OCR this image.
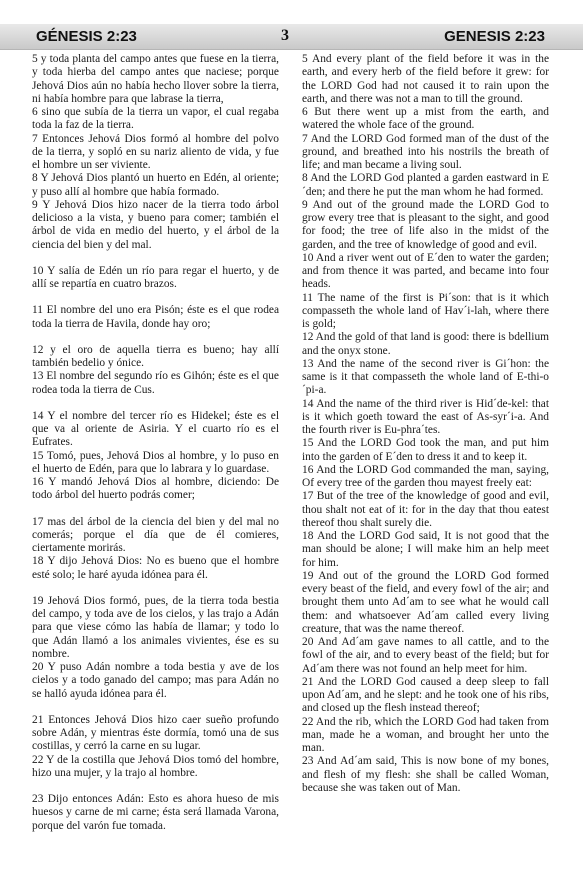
GÉNESIS 2:23	3	GENESIS 2:23

5 y toda planta del campo antes que fuese en la tierra, y toda hierba del campo antes que naciese; porque Jehová Dios aún no había hecho llover sobre la tierra, ni había hombre para que labrase la tierra,

6 sino que subía de la tierra un vapor, el cual regaba toda la faz de la tierra.

7 Entonces Jehová Dios formó al hombre del polvo de la tierra, y sopló en su nariz aliento de vida, y fue el hombre un ser viviente.

8 Y Jehová Dios plantó un huerto en Edén, al oriente; y puso allí al hombre que había formado.

9 Y Jehová Dios hizo nacer de la tierra todo árbol delicioso a la vista, y bueno para comer; también el árbol de vida en medio del huerto, y el árbol de la ciencia del bien y del mal.

10 Y salía de Edén un río para regar el huerto, y de allí se repartía en cuatro brazos.

11 El nombre del uno era Pisón; éste es el que rodea toda la tierra de Havila, donde hay oro;

12 y el oro de aquella tierra es bueno; hay allí también bedelio y ónice.

13 El nombre del segundo río es Gihón; éste es el que rodea toda la tierra de Cus.

14 Y el nombre del tercer río es Hidekel; éste es el que va al oriente de Asiria. Y el cuarto río es el Eufrates.

15 Tomó, pues, Jehová Dios al hombre, y lo puso en el huerto de Edén, para que lo labrara y lo guardase.

16 Y mandó Jehová Dios al hombre, diciendo: De todo árbol del huerto podrás comer;

17 mas del árbol de la ciencia del bien y del mal no comerás; porque el día que de él comieres, ciertamente morirás.

18 Y dijo Jehová Dios: No es bueno que el hombre esté solo; le haré ayuda idónea para él.

19 Jehová Dios formó, pues, de la tierra toda bestia del campo, y toda ave de los cielos, y las trajo a Adán para que viese cómo las había de llamar; y todo lo que Adán llamó a los animales vivientes, ése es su nombre.

20 Y puso Adán nombre a toda bestia y ave de los cielos y a todo ganado del campo; mas para Adán no se halló ayuda idónea para él.

21 Entonces Jehová Dios hizo caer sueño profundo sobre Adán, y mientras éste dormía, tomó una de sus costillas, y cerró la carne en su lugar.

22 Y de la costilla que Jehová Dios tomó del hombre, hizo una mujer, y la trajo al hombre.

23 Dijo entonces Adán: Esto es ahora hueso de mis huesos y carne de mi carne; ésta será llamada Varona, porque del varón fue tomada.

5 And every plant of the field before it was in the earth, and every herb of the field before it grew: for the LORD God had not caused it to rain upon the earth, and there was not a man to till the ground.

6 But there went up a mist from the earth, and watered the whole face of the ground.

7 And the LORD God formed man of the dust of the ground, and breathed into his nostrils the breath of life; and man became a living soul.

8 And the LORD God planted a garden eastward in E´den; and there he put the man whom he had formed.

9 And out of the ground made the LORD God to grow every tree that is pleasant to the sight, and good for food; the tree of life also in the midst of the garden, and the tree of knowledge of good and evil.

10 And a river went out of E´den to water the garden; and from thence it was parted, and became into four heads.

11 The name of the first is Pi´son: that is it which compasseth the whole land of Hav´i-lah, where there is gold;

12 And the gold of that land is good: there is bdellium and the onyx stone.

13 And the name of the second river is Gi´hon: the same is it that compasseth the whole land of E-thi-o´pi-a.

14 And the name of the third river is Hid´de-kel: that is it which goeth toward the east of As-syr´i-a. And the fourth river is Eu-phra´tes.

15 And the LORD God took the man, and put him into the garden of E´den to dress it and to keep it.

16 And the LORD God commanded the man, saying, Of every tree of the garden thou mayest freely eat:

17 But of the tree of the knowledge of good and evil, thou shalt not eat of it: for in the day that thou eatest thereof thou shalt surely die.

18 And the LORD God said, It is not good that the man should be alone; I will make him an help meet for him.

19 And out of the ground the LORD God formed every beast of the field, and every fowl of the air; and brought them unto Ad´am to see what he would call them: and whatsoever Ad´am called every living creature, that was the name thereof.

20 And Ad´am gave names to all cattle, and to the fowl of the air, and to every beast of the field; but for Ad´am there was not found an help meet for him.

21 And the LORD God caused a deep sleep to fall upon Ad´am, and he slept: and he took one of his ribs, and closed up the flesh instead thereof;

22 And the rib, which the LORD God had taken from man, made he a woman, and brought her unto the man.

23 And Ad´am said, This is now bone of my bones, and flesh of my flesh: she shall be called Woman, because she was taken out of Man.
